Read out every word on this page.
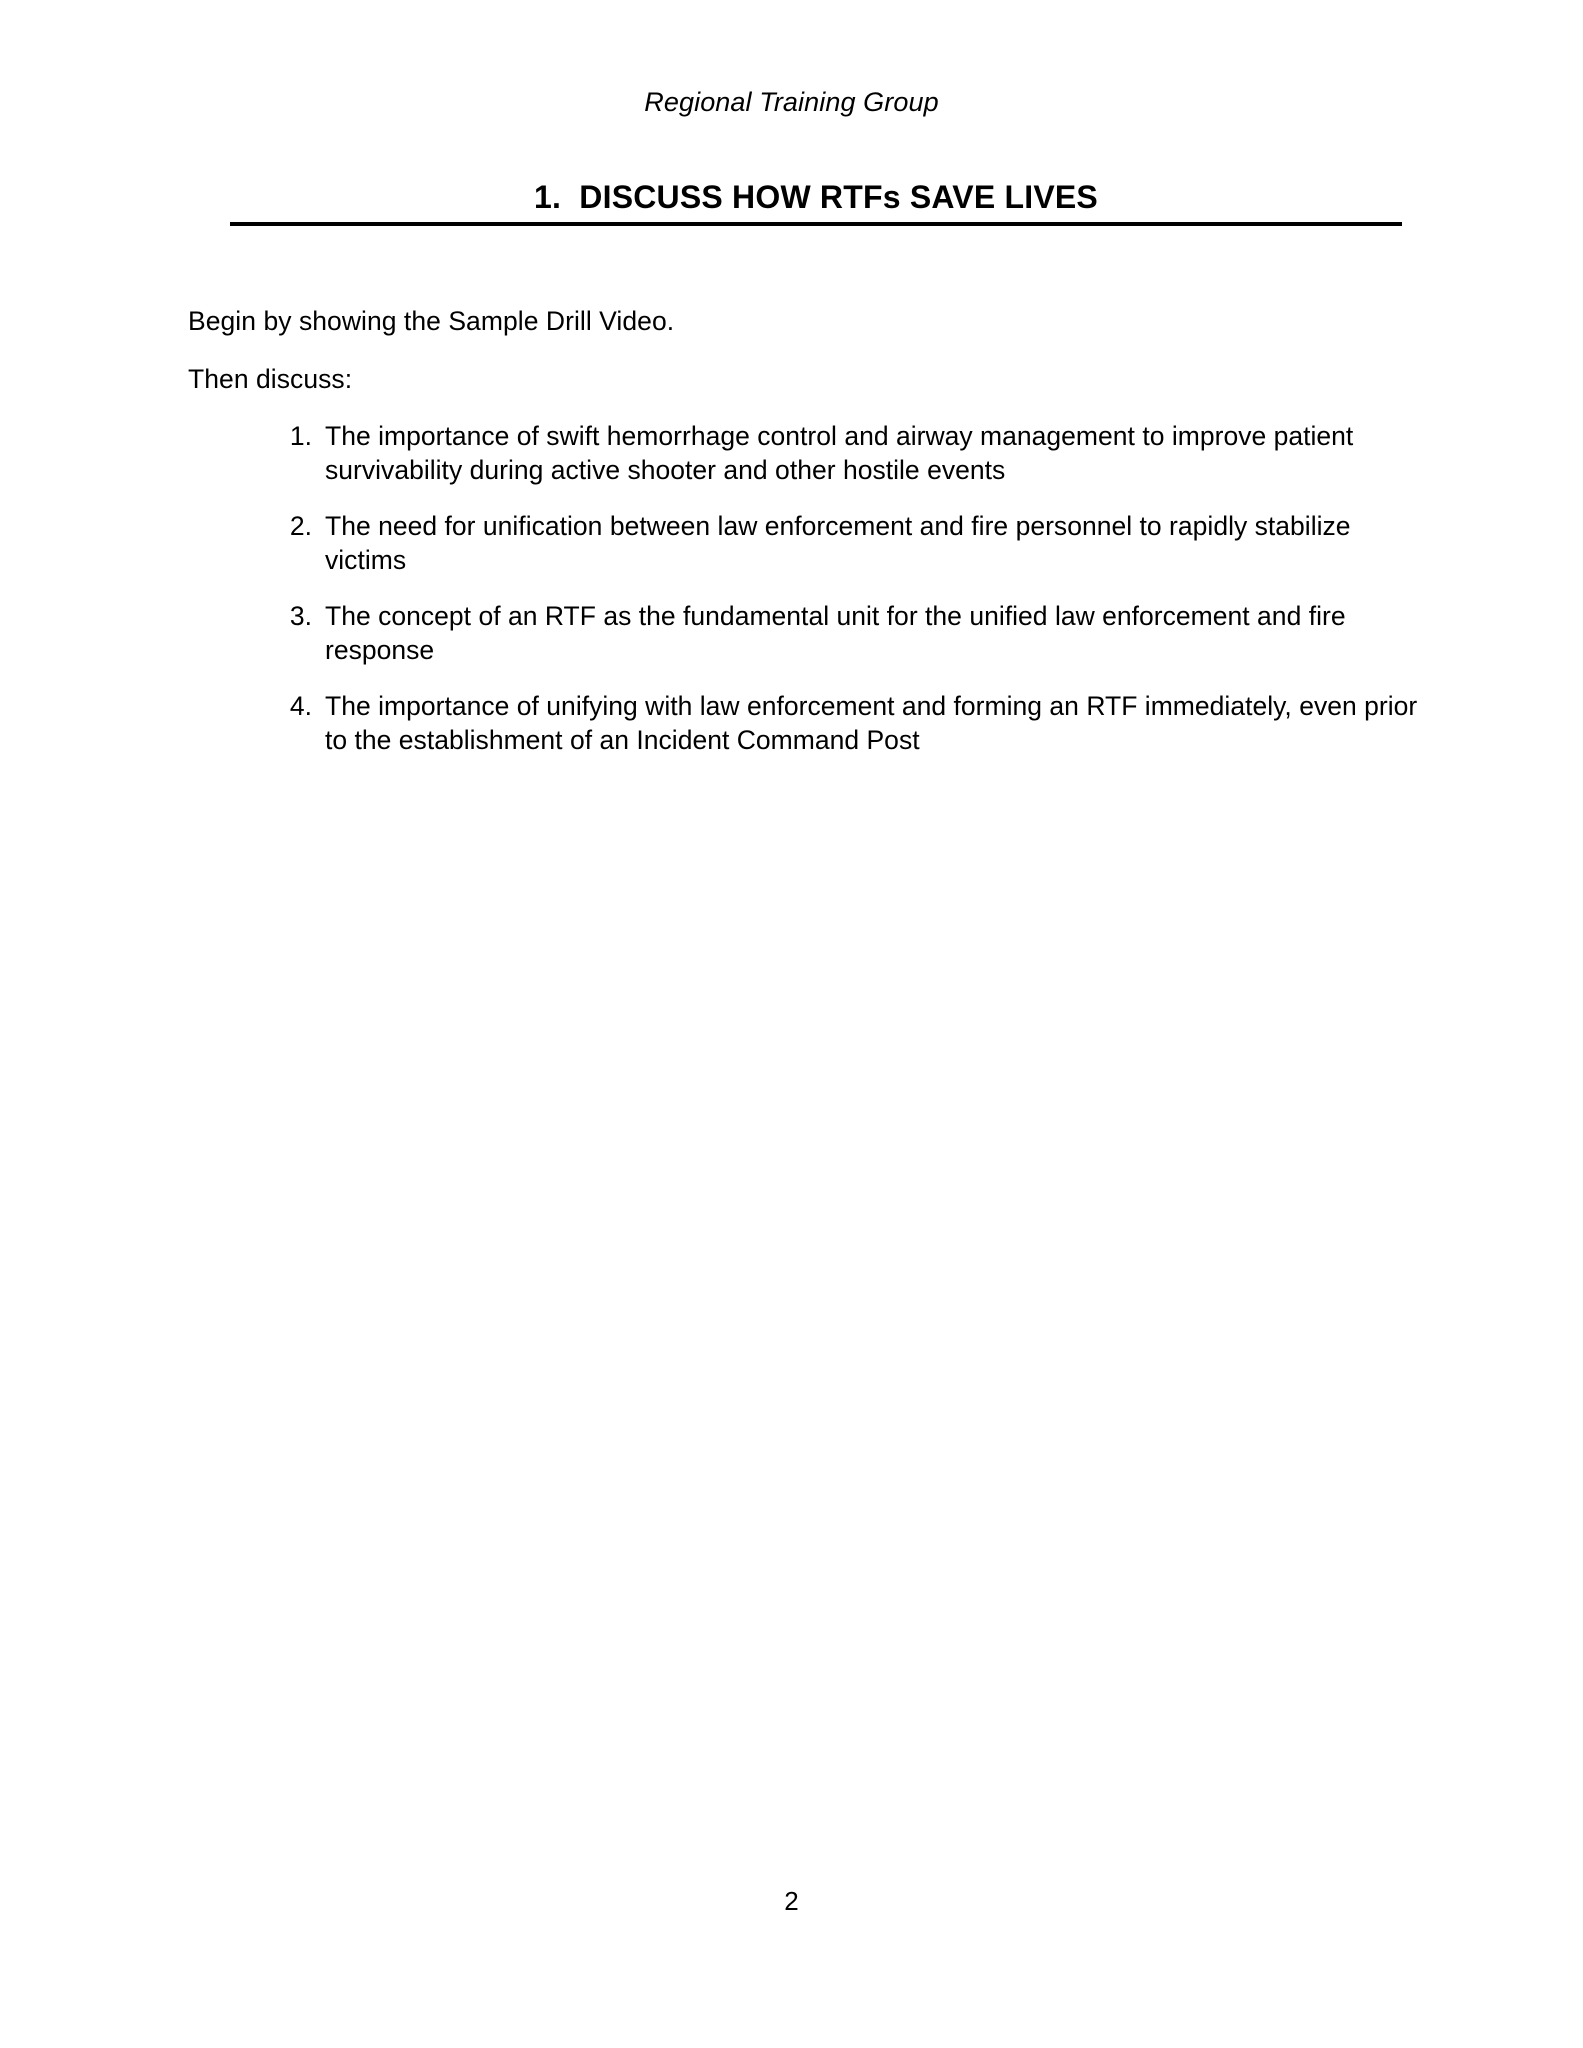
Regional Training Group
1.  DISCUSS HOW RTFs SAVE LIVES

Begin by showing the Sample Drill Video.

Then discuss:

1. The importance of swift hemorrhage control and airway management to improve patient survivability during active shooter and other hostile events
2. The need for unification between law enforcement and fire personnel to rapidly stabilize victims
3. The concept of an RTF as the fundamental unit for the unified law enforcement and fire response
4. The importance of unifying with law enforcement and forming an RTF immediately, even prior to the establishment of an Incident Command Post
2
